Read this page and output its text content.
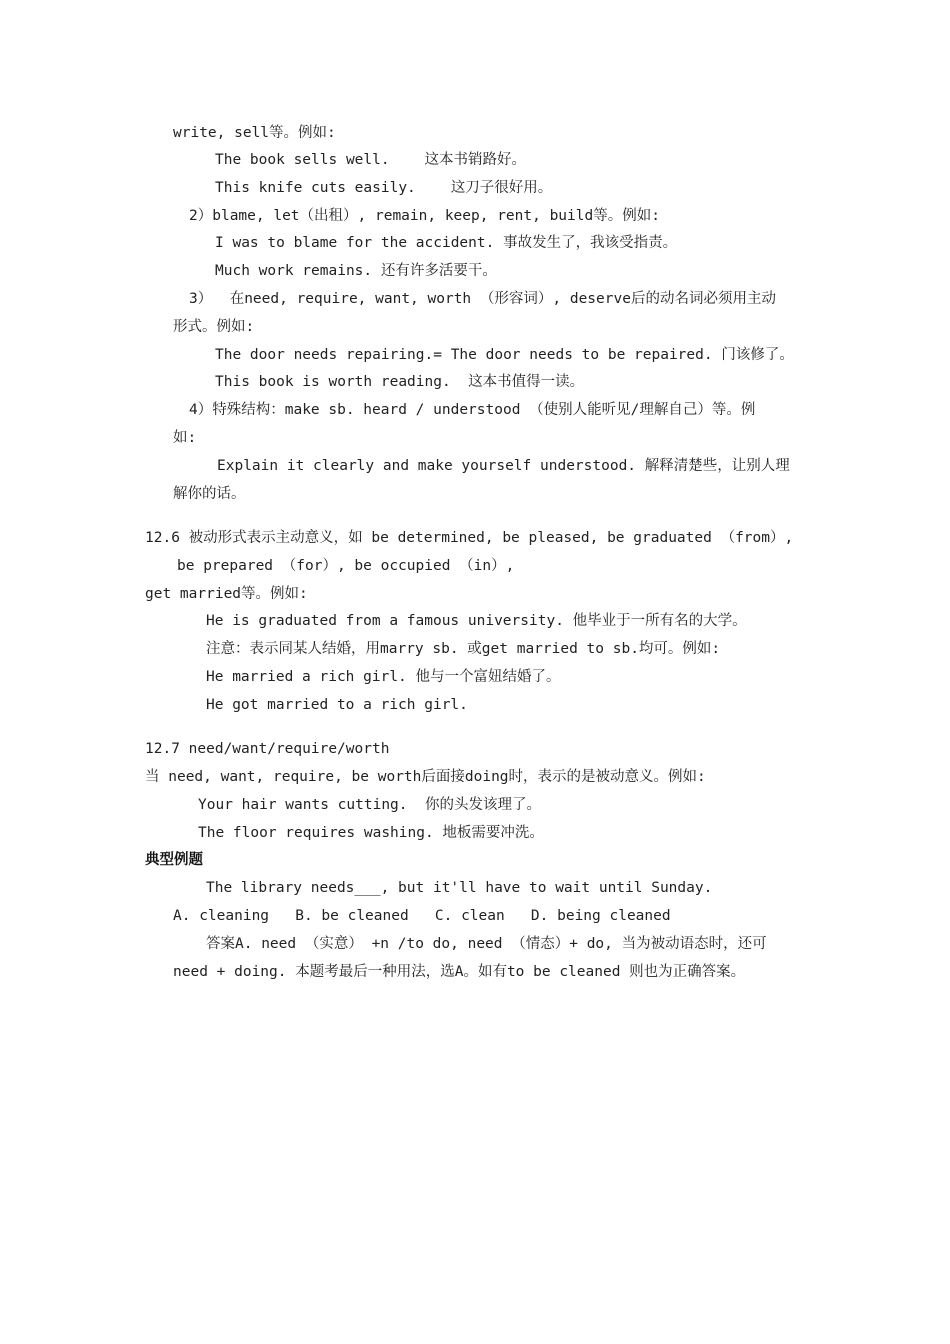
write, sell等。例如:
The book sells well.    这本书销路好。
This knife cuts easily.    这刀子很好用。
2）blame, let（出租）, remain, keep, rent, build等。例如:
I was to blame for the accident. 事故发生了，我该受指责。
Much work remains. 还有许多活要干。
3）  在need, require, want, worth （形容词）, deserve后的动名词必须用主动
形式。例如:
The door needs repairing.= The door needs to be repaired. 门该修了。
This book is worth reading.  这本书值得一读。
4）特殊结构：make sb. heard / understood （使别人能听见/理解自己）等。例
如:
Explain it clearly and make yourself understood. 解释清楚些，让别人理
解你的话。
12.6 被动形式表示主动意义，如 be determined, be pleased, be graduated （from）,
be prepared （for）, be occupied （in）,
get married等。例如:
He is graduated from a famous university. 他毕业于一所有名的大学。
注意：表示同某人结婚，用marry sb. 或get married to sb.均可。例如:
He married a rich girl. 他与一个富妞结婚了。
He got married to a rich girl.
12.7 need/want/require/worth
当 need, want, require, be worth后面接doing时，表示的是被动意义。例如:
Your hair wants cutting.  你的头发该理了。
The floor requires washing. 地板需要冲洗。
典型例题
The library needs___, but it'll have to wait until Sunday.
A. cleaning   B. be cleaned   C. clean   D. being cleaned
答案A. need （实意） +n /to do, need （情态）+ do, 当为被动语态时，还可
need + doing. 本题考最后一种用法，选A。如有to be cleaned 则也为正确答案。
